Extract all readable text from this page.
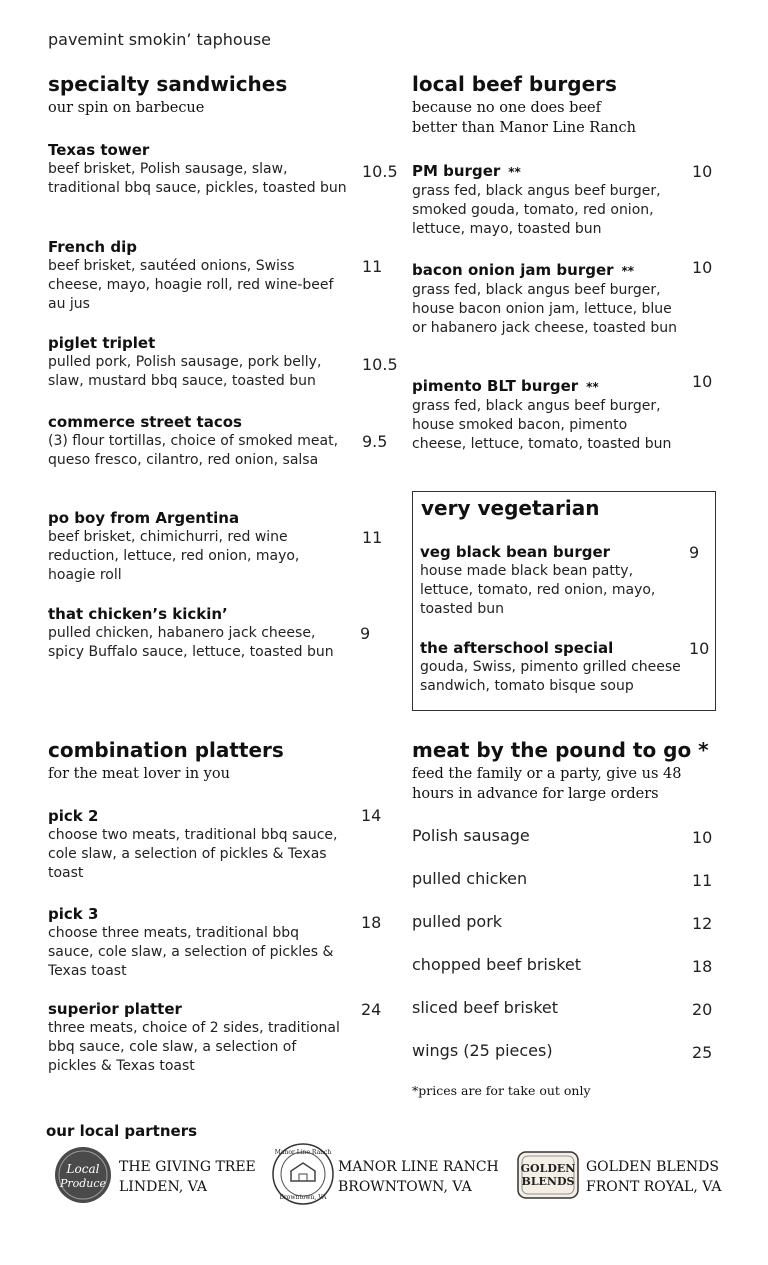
pavemint smokin’ taphouse
specialty sandwiches
our spin on barbecue
Texas tower
beef brisket, Polish sausage, slaw, traditional bbq sauce, pickles, toasted bun
10.5
French dip
beef brisket, sautéed onions, Swiss cheese, mayo, hoagie roll, red wine-beef au jus
11
piglet triplet
pulled pork, Polish sausage, pork belly, slaw, mustard bbq sauce, toasted bun
10.5
commerce street tacos
(3) flour tortillas, choice of smoked meat, queso fresco, cilantro, red onion, salsa
9.5
po boy from Argentina
beef brisket, chimichurri, red wine reduction, lettuce, red onion, mayo, hoagie roll
11
that chicken’s kickin’
pulled chicken, habanero jack cheese, spicy Buffalo sauce, lettuce, toasted bun
9
local beef burgers
because no one does beef
better than Manor Line Ranch
PM burger **
grass fed, black angus beef burger, smoked gouda, tomato, red onion, lettuce, mayo, toasted bun
10
bacon onion jam burger **
grass fed, black angus beef burger, house bacon onion jam, lettuce, blue or habanero jack cheese, toasted bun
10
pimento BLT burger **
grass fed, black angus beef burger, house smoked bacon, pimento cheese, lettuce, tomato, toasted bun
10
very vegetarian
veg black bean burger
house made black bean patty, lettuce, tomato, red onion, mayo, toasted bun
9
the afterschool special
gouda, Swiss, pimento grilled cheese sandwich, tomato bisque soup
10
combination platters
for the meat lover in you
pick 2
choose two meats, traditional bbq sauce, cole slaw, a selection of pickles & Texas toast
14
pick 3
choose three meats, traditional bbq sauce, cole slaw, a selection of pickles & Texas toast
18
superior platter
three meats, choice of 2 sides, traditional bbq sauce, cole slaw, a selection of pickles & Texas toast
24
meat by the pound to go *
feed the family or a party, give us 48
hours in advance for large orders
Polish sausage	10
pulled chicken	11
pulled pork	12
chopped beef brisket	18
sliced beef brisket	20
wings (25 pieces)	25
*prices are for take out only
our local partners
Local
Produce
THE GIVING TREE
LINDEN, VA
Manor Line Ranch
Browntown, VA
MANOR LINE RANCH
BROWNTOWN, VA
GOLDEN
BLENDS
GOLDEN BLENDS
FRONT ROYAL, VA
